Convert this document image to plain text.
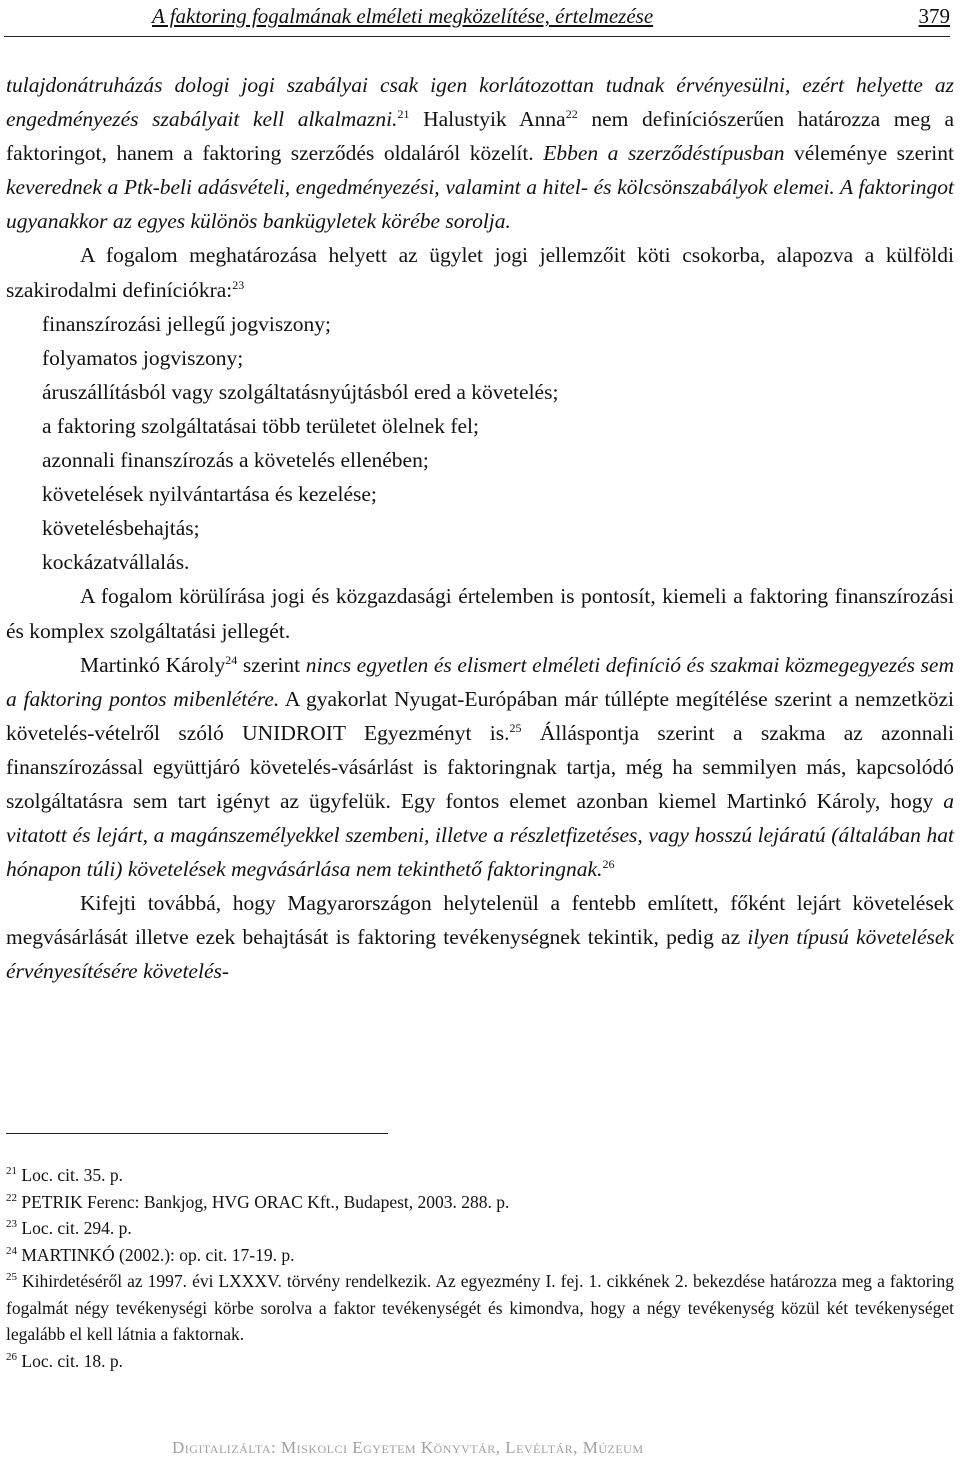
A faktoring fogalmának elméleti megközelítése, értelmezése	379

tulajdonátruházás dologi jogi szabályai csak igen korlátozottan tudnak érvényesülni, ezért helyette az engedményezés szabályait kell alkalmazni.$^{21}$ Halustyik Anna$^{22}$ nem definíciószerűen határozza meg a faktoringot, hanem a faktoring szerződés oldaláról közelít. Ebben a szerződéstípusban véleménye szerint keverednek a Ptk-beli adásvételi, engedményezési, valamint a hitel- és kölcsönszabályok elemei. A faktoringot ugyanakkor az egyes különös bankügyletek körébe sorolja.

A fogalom meghatározása helyett az ügylet jogi jellemzőit köti csokorba, alapozva a külföldi szakirodalmi definíciókra:$^{23}$

finanszírozási jellegű jogviszony;
folyamatos jogviszony;
áruszállításból vagy szolgáltatásnyújtásból ered a követelés;
a faktoring szolgáltatásai több területet ölelnek fel;
azonnali finanszírozás a követelés ellenében;
követelések nyilvántartása és kezelése;
követelésbehajtás;
kockázatvállalás.

A fogalom körülírása jogi és közgazdasági értelemben is pontosít, kiemeli a faktoring finanszírozási és komplex szolgáltatási jellegét.

Martinkó Károly$^{24}$ szerint nincs egyetlen és elismert elméleti definíció és szakmai közmegegyezés sem a faktoring pontos mibenlétére. A gyakorlat Nyugat-Európában már túllépte megítélése szerint a nemzetközi követelés-vételről szóló UNIDROIT Egyezményt is.$^{25}$ Álláspontja szerint a szakma az azonnali finanszírozással együttjáró követelés-vásárlást is faktoringnak tartja, még ha semmilyen más, kapcsolódó szolgáltatásra sem tart igényt az ügyfelük. Egy fontos elemet azonban kiemel Martinkó Károly, hogy a vitatott és lejárt, a magánszemélyekkel szembeni, illetve a részletfizetéses, vagy hosszú lejáratú (általában hat hónapon túli) követelések megvásárlása nem tekinthető faktoringnak.$^{26}$

Kifejti továbbá, hogy Magyarországon helytelenül a fentebb említett, főként lejárt követelések megvásárlását illetve ezek behajtását is faktoring tevékenységnek tekintik, pedig az ilyen típusú követelések érvényesítésére követelés-

$^{21}$ Loc. cit. 35. p.

$^{22}$ PETRIK Ferenc: Bankjog, HVG ORAC Kft., Budapest, 2003. 288. p.

$^{23}$ Loc. cit. 294. p.

$^{24}$ MARTINKÓ (2002.): op. cit. 17-19. p.

$^{25}$ Kihirdetéséről az 1997. évi LXXXV. törvény rendelkezik. Az egyezmény I. fej. 1. cikkének 2. bekezdése határozza meg a faktoring fogalmát négy tevékenységi körbe sorolva a faktor tevékenységét és kimondva, hogy a négy tevékenység közül két tevékenységet legalább el kell látnia a faktornak.

$^{26}$ Loc. cit. 18. p.

Digitalizálta: Miskolci Egyetem Könyvtár, Levéltár, Múzeum
